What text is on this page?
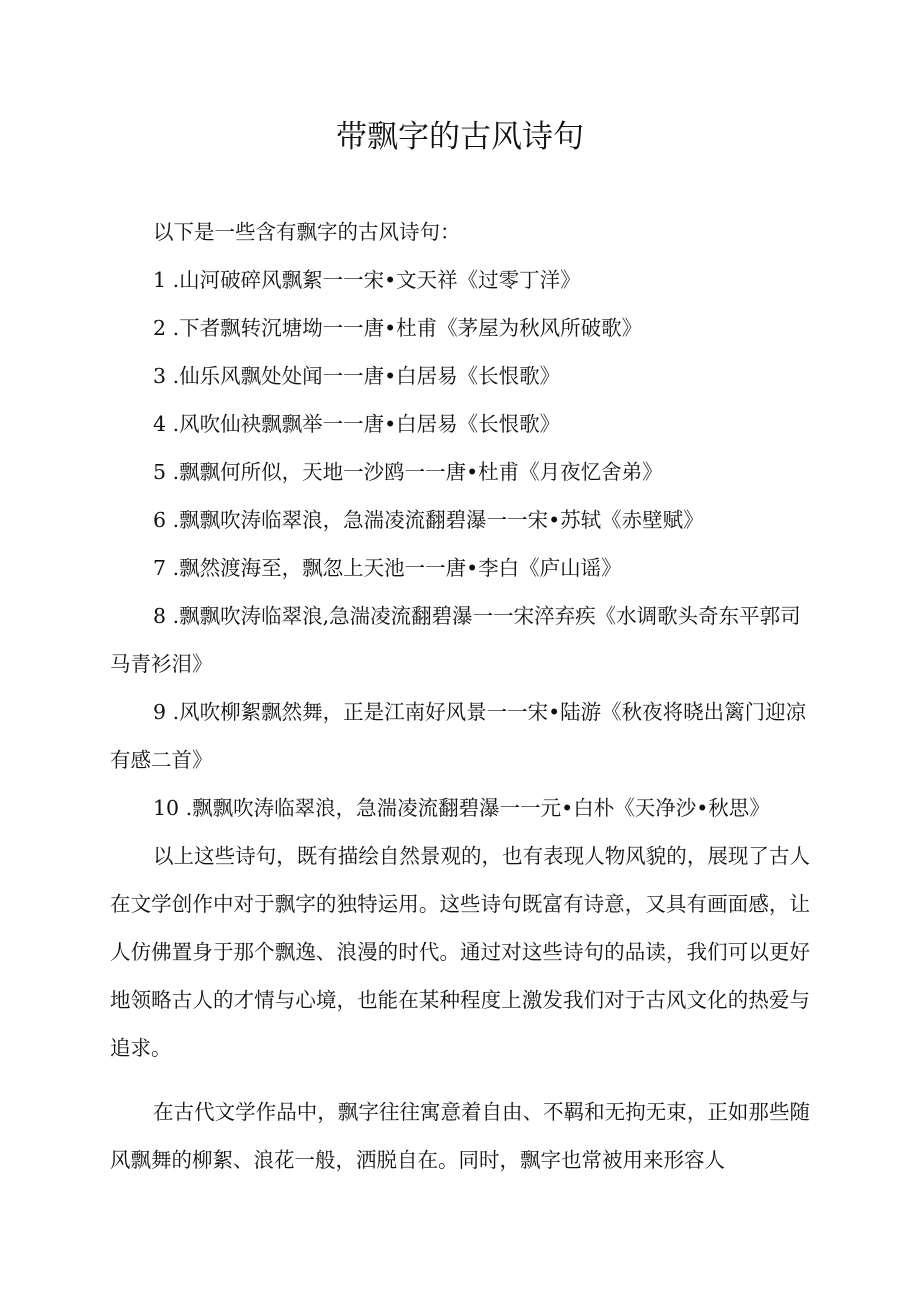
带飘字的古风诗句

以下是一些含有飘字的古风诗句：

1 .山河破碎风飘絮一一宋•文天祥《过零丁洋》

2 .下者飘转沉塘坳一一唐•杜甫《茅屋为秋风所破歌》

3 .仙乐风飘处处闻一一唐•白居易《长恨歌》

4 .风吹仙袂飘飘举一一唐•白居易《长恨歌》

5 .飘飘何所似，天地一沙鸥一一唐•杜甫《月夜忆舍弟》

6 .飘飘吹涛临翠浪，急湍凌流翻碧瀑一一宋•苏轼《赤壁赋》

7 .飘然渡海至，飘忽上天池一一唐•李白《庐山谣》

8 .飘飘吹涛临翠浪,急湍凌流翻碧瀑一一宋淬弃疾《水调歌头奇东平郭司马青衫泪》

9 .风吹柳絮飘然舞，正是江南好风景一一宋•陆游《秋夜将晓出篱门迎凉有感二首》

10 .飘飘吹涛临翠浪，急湍凌流翻碧瀑一一元•白朴《天净沙•秋思》

以上这些诗句，既有描绘自然景观的，也有表现人物风貌的，展现了古人在文学创作中对于飘字的独特运用。这些诗句既富有诗意，又具有画面感，让人仿佛置身于那个飘逸、浪漫的时代。通过对这些诗句的品读，我们可以更好地领略古人的才情与心境，也能在某种程度上激发我们对于古风文化的热爱与追求。

在古代文学作品中，飘字往往寓意着自由、不羁和无拘无束，正如那些随风飘舞的柳絮、浪花一般，洒脱自在。同时，飘字也常被用来形容人
